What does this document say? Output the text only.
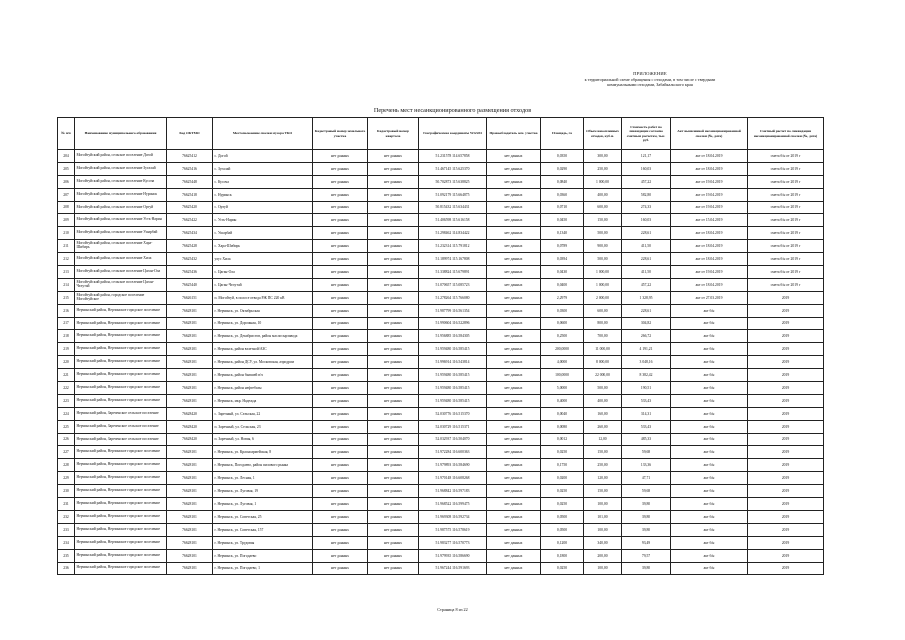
ПРИЛОЖЕНИЕ
к территориальной схеме обращения с отходами, в том числе с твердыми
коммунальными отходами, Забайкальского края
Перечень мест несанкционированного размещения отходов
№ п/п	Наименование муниципального образования	Код ОКТМО	Местоположение свалки мусора ТКО	Кадастровый номер земельного участка	Кадастровый номер квартала	Географические координаты WGS84	Правообладатель зем. участка	Площадь, га	Объем накопленных отходов, куб.м.	Стоимость работ по ликвидации согласно сметным расчетам, тыс. руб.	Акт выявленной несанкционированной свалки (№, дата)	Сметный расчет по ликвидации несанкционированной свалки (№, дата)
204	Могойтуйский район, сельское поселение Догой	76625412	с. Догой	нет данных	нет данных	51.231578 114.657858	нет данных	0,0350	300,00	121,17	акт от 18.04.2019	смета б/н от 2019 г
205	Могойтуйский район, сельское поселение Зугалай	76625416	с. Зугалай	нет данных	нет данных	51.467145 115.625370	нет данных	0,0290	250,00	160,03	акт от 18.04.2019	смета б/н от 2019 г
206	Могойтуйский район, сельское поселение Кусоча	76625448	с. Кусоча	нет данных	нет данных	50.702873 115.638825	нет данных	0,0840	1 000,00	457,22	акт от 19.04.2019	смета б/н от 2019 г
207	Могойтуйский район, сельское поселение Нуринск	76625418	с. Нуринск	нет данных	нет данных	51.092179 115.664875	нет данных	0,0360	400,00	582,80	акт от 19.04.2019	смета б/н от 2019 г
208	Могойтуйский район, сельское поселение Ортуй	76625420	с. Ортуй	нет данных	нет данных	50.815432 115.634431	нет данных	0,0710	600,00	274,33	акт от 19.04.2019	смета б/н от 2019 г
209	Могойтуйский район, сельское поселение Усть-Нарин	76625422	с. Усть-Нарин	нет данных	нет данных	51.406598 115.616158	нет данных	0,0450	150,00	160,03	акт от 15.04.2019	смета б/н от 2019 г
210	Могойтуйский район, сельское поселение Ушарбай	76625434	с. Ушарбай	нет данных	нет данных	51.298462 114.834422	нет данных	0,1340	500,00	228,61	акт от 18.04.2019	смета б/н от 2019 г
211	Могойтуйский район, сельское поселение Хара-Шибирь	76625428	с. Хара-Шибирь	нет данных	нет данных	51.232314 115.791812	нет данных	0,0789	900,00	411,50	акт от 18.04.2019	смета б/н от 2019 г
212	Могойтуйский район, сельское поселение Хила	76625432	улус Хила	нет данных	нет данных	51.189974 115.167808	нет данных	0,0394	500,00	228,61	акт от 18.04.2019	смета б/н от 2019 г
213	Могойтуйский район, сельское поселение Цаган-Ола	76625436	с. Цаган-Ола	нет данных	нет данных	51.338824 115.679891	нет данных	0,0430	1 000,00	411,50	акт от 19.04.2019	смета б/н от 2019 г
214	Могойтуйский район, сельское поселение Цаган-Челутай	76625440	с. Цаган-Челутай	нет данных	нет данных	51.070657 115.085723	нет данных	0,0400	1 000,00	457,22	акт от 18.04.2019	смета б/н от 2019 г
215	Могойтуйский район, городское поселение Могойтуйское	76626151	п. Могойтуй, в полосе отвода РЖ ПС 220 кВ	нет данных	нет данных	51.278264 115.766080	нет данных	2,2979	2 000,00	1 328,95	акт от 27.03.2019	2019
216	Нерчинский район, Нерчинское городское поселение	76628101	г. Нерчинск, ул. Октябрьская	нет данных	нет данных	51.987799 116.561354	нет данных	0,0300	600,00	228,61	акт б/н	2019
217	Нерчинский район, Нерчинское городское поселение	76628101	г. Нерчинск, ул. Дорожная, 10	нет данных	нет данных	51.990604 116.522896	нет данных	0,0600	800,00	304,82	акт б/н	2019
218	Нерчинский район, Нерчинское городское поселение	76628101	г. Нерчинск, ул. Декабристов, район маслосырзавода	нет данных	нет данных	51.956885 116.584305	нет данных	0,2500	700,00	266,72	акт б/н	2019
219	Нерчинский район, Нерчинское городское поселение	76628101	г. Нерчинск, район взлетной/АЗС	нет данных	нет данных	51.959480 116.585415	нет данных	200,0000	11 000,00	4 191,21	акт б/н	2019
220	Нерчинский район, Нерчинское городское поселение	76628101	г. Нерчинск, район ДСУ, ул. Московская, аэродром	нет данных	нет данных	51.996914 116.543814	нет данных	4,0000	8 000,00	3 048,16	акт б/н	2019
221	Нерчинский район, Нерчинское городское поселение	76628101	г. Нерчинск, район бывшей в/ч	нет данных	нет данных	51.959480 116.585415	нет данных	100,0000	22 000,00	8 382,42	акт б/н	2019
222	Нерчинский район, Нерчинское городское поселение	76628101	г. Нерчинск, район нефтебазы	нет данных	нет данных	51.959480 116.585415	нет данных	5,0000	500,00	190,51	акт б/н	2019
223	Нерчинский район, Нерчинское городское поселение	76628101	г. Нерчинск, мкр. Надежда	нет данных	нет данных	51.959480 116.585415	нет данных	0,4000	400,00	533,43	акт б/н	2019
224	Нерчинский район, Зареченское сельское поселение	76628420	с. Заречный, ул. Сельская, 22	нет данных	нет данных	52.030776 116.515370	нет данных	0,0040	160,00	314,31	акт б/н	2019
225	Нерчинский район, Зареченское сельское поселение	76628420	п. Заречный, ул. Сельская, 23	нет данных	нет данных	52.030729 116.515371	нет данных	0,0080	260,00	533,43	акт б/н	2019
226	Нерчинский район, Зареченское сельское поселение	76628420	п. Заречный, ул. Новая, 6	нет данных	нет данных	52.032937 116.504070	нет данных	0,0012	12,00	485,33	акт б/н	2019
227	Нерчинский район, Нерчинское городское поселение	76628101	г. Нерчинск, ул. Красноармейская, 8	нет данных	нет данных	51.972284 116.600363	нет данных	0,0250	150,00	59,68	акт б/н	2019
228	Нерчинский район, Нерчинское городское поселение	76628101	г. Нерчинск, Погодаево, район пилового рынка	нет данных	нет данных	51.979893 116.584690	нет данных	0,1750	250,00	133,36	акт б/н	2019
229	Нерчинский район, Нерчинское городское поселение	76628101	г. Нерчинск, ул. Лесная, 1	нет данных	нет данных	51.970148 116.608268	нет данных	0,0200	120,00	47,71	акт б/н	2019
230	Нерчинский район, Нерчинское городское поселение	76628101	г. Нерчинск, ул. Луговая, 19	нет данных	нет данных	51.968842 116.597183	нет данных	0,0250	150,00	59,68	акт б/н	2019
231	Нерчинский район, Нерчинское городское поселение	76628101	г. Нерчинск, ул. Луговая, 1	нет данных	нет данных	51.968522 116.599475	нет данных	0,0250	100,00	39,80	акт б/н	2019
232	Нерчинский район, Нерчинское городское поселение	76628101	г. Нерчинск, ул. Советская, 25	нет данных	нет данных	51.969308 116.592734	нет данных	0,0500	101,00	39,80	акт б/н	2019
233	Нерчинский район, Нерчинское городское поселение	76628101	г. Нерчинск, ул. Советская, 157	нет данных	нет данных	51.987575 116.578619	нет данных	0,0500	100,00	39,80	акт б/н	2019
234	Нерчинский район, Нерчинское городское поселение	76628101	г. Нерчинск, ул. Трудовая	нет данных	нет данных	51.983277 116.570773	нет данных	0,1200	340,00	93,49	акт б/н	2019
235	Нерчинский район, Нерчинское городское поселение	76628101	г. Нерчинск, ул. Погодаево	нет данных	нет данных	51.979935 116.586690	нет данных	0,1800	200,00	79,57	акт б/н	2019
236	Нерчинский район, Нерчинское городское поселение	76628101	г. Нерчинск, ул. Погодаево, 1	нет данных	нет данных	51.967244 116.591693	нет данных	0,0250	100,00	39,80	акт б/н	2019
Страница 8 из 22
